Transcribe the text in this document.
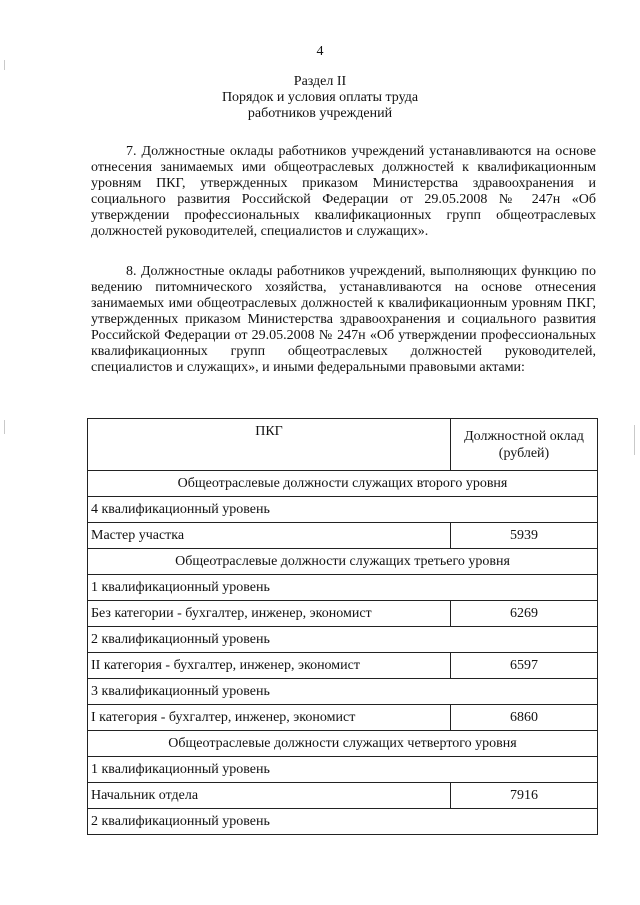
4
Раздел II
Порядок и условия оплаты труда
работников учреждений
7. Должностные оклады работников учреждений устанавливаются на основе отнесения занимаемых ими общеотраслевых должностей к квалификационным уровням ПКГ, утвержденных приказом Министерства здравоохранения и социального развития Российской Федерации от 29.05.2008 № 247н «Об утверждении профессиональных квалификационных групп общеотраслевых должностей руководителей, специалистов и служащих».
8. Должностные оклады работников учреждений, выполняющих функцию по ведению питомнического хозяйства, устанавливаются на основе отнесения занимаемых ими общеотраслевых должностей к квалификационным уровням ПКГ, утвержденных приказом Министерства здравоохранения и социального развития Российской Федерации от 29.05.2008 № 247н «Об утверждении профессиональных квалификационных групп общеотраслевых должностей руководителей, специалистов и служащих», и иными федеральными правовыми актами:
ПКГ	Должностной оклад
(рублей)

Общеотраслевые должности служащих второго уровня	
4 квалификационный уровень	
Мастер участка	5939
Общеотраслевые должности служащих третьего уровня	
1 квалификационный уровень	
Без категории - бухгалтер, инженер, экономист	6269
2 квалификационный уровень	
II категория - бухгалтер, инженер, экономист	6597
3 квалификационный уровень	
I категория - бухгалтер, инженер, экономист	6860
Общеотраслевые должности служащих четвертого уровня	
1 квалификационный уровень	
Начальник отдела	7916
2 квалификационный уровень	
